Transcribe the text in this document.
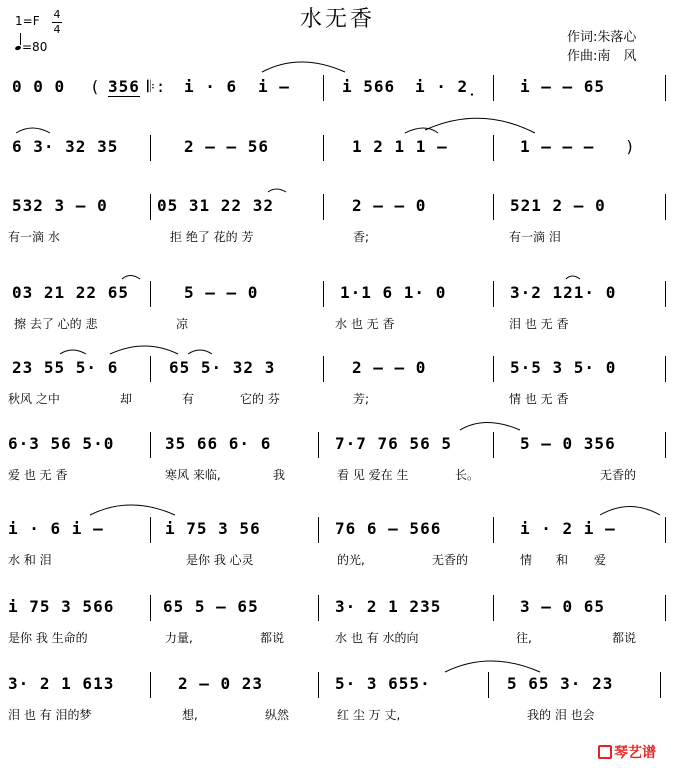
水无香
1=F 4
4
=80
作词:朱落心
作曲:南　风
0 0 0 ( 356 𝄆: i · 6 i –	i 566 i · 2̣	i – – 65
6 3· 32 35	2 – – 56	1 2 1 1 –	1 – – – )
532 3 – 0	05 31 22 32	2 – – 0	521 2 – 0
有一滴 水	拒 绝了 花的 芳	香;	有一滴 泪
03 21 22 65	5 – – 0	1·1 6 1· 0	3·2 121· 0
擦 去了 心的 悲	凉	水 也 无 香	泪 也 无 香
23 55 5· 6	65 5· 32 3	2 – – 0	5·5 3 5· 0
秋风 之中	却	有	它的 芬	芳;	情 也 无 香
6·3 56 5·0	35 66 6· 6	7·7 76 56 5	5 – 0 356
爱 也 无 香	寒风 来临,	我	看 见 爱在 生	长。	无香的
i · 6 i –	i 75 3 56	76 6 – 566	i · 2 i –
水 和 泪	是你 我 心灵	的光,	无香的	情 和 爱
i 75 3 566	65 5 – 65	3· 2 1 235	3 – 0 65
是你 我 生命的	力量,	都说	水 也 有 水的向	往,	都说
3· 2 1 613	2 – 0 23	5· 3 655·	5 65 3· 23
泪 也 有 泪的梦	想,	纵然	红 尘 万 丈,	我的 泪 也会
琴艺谱
